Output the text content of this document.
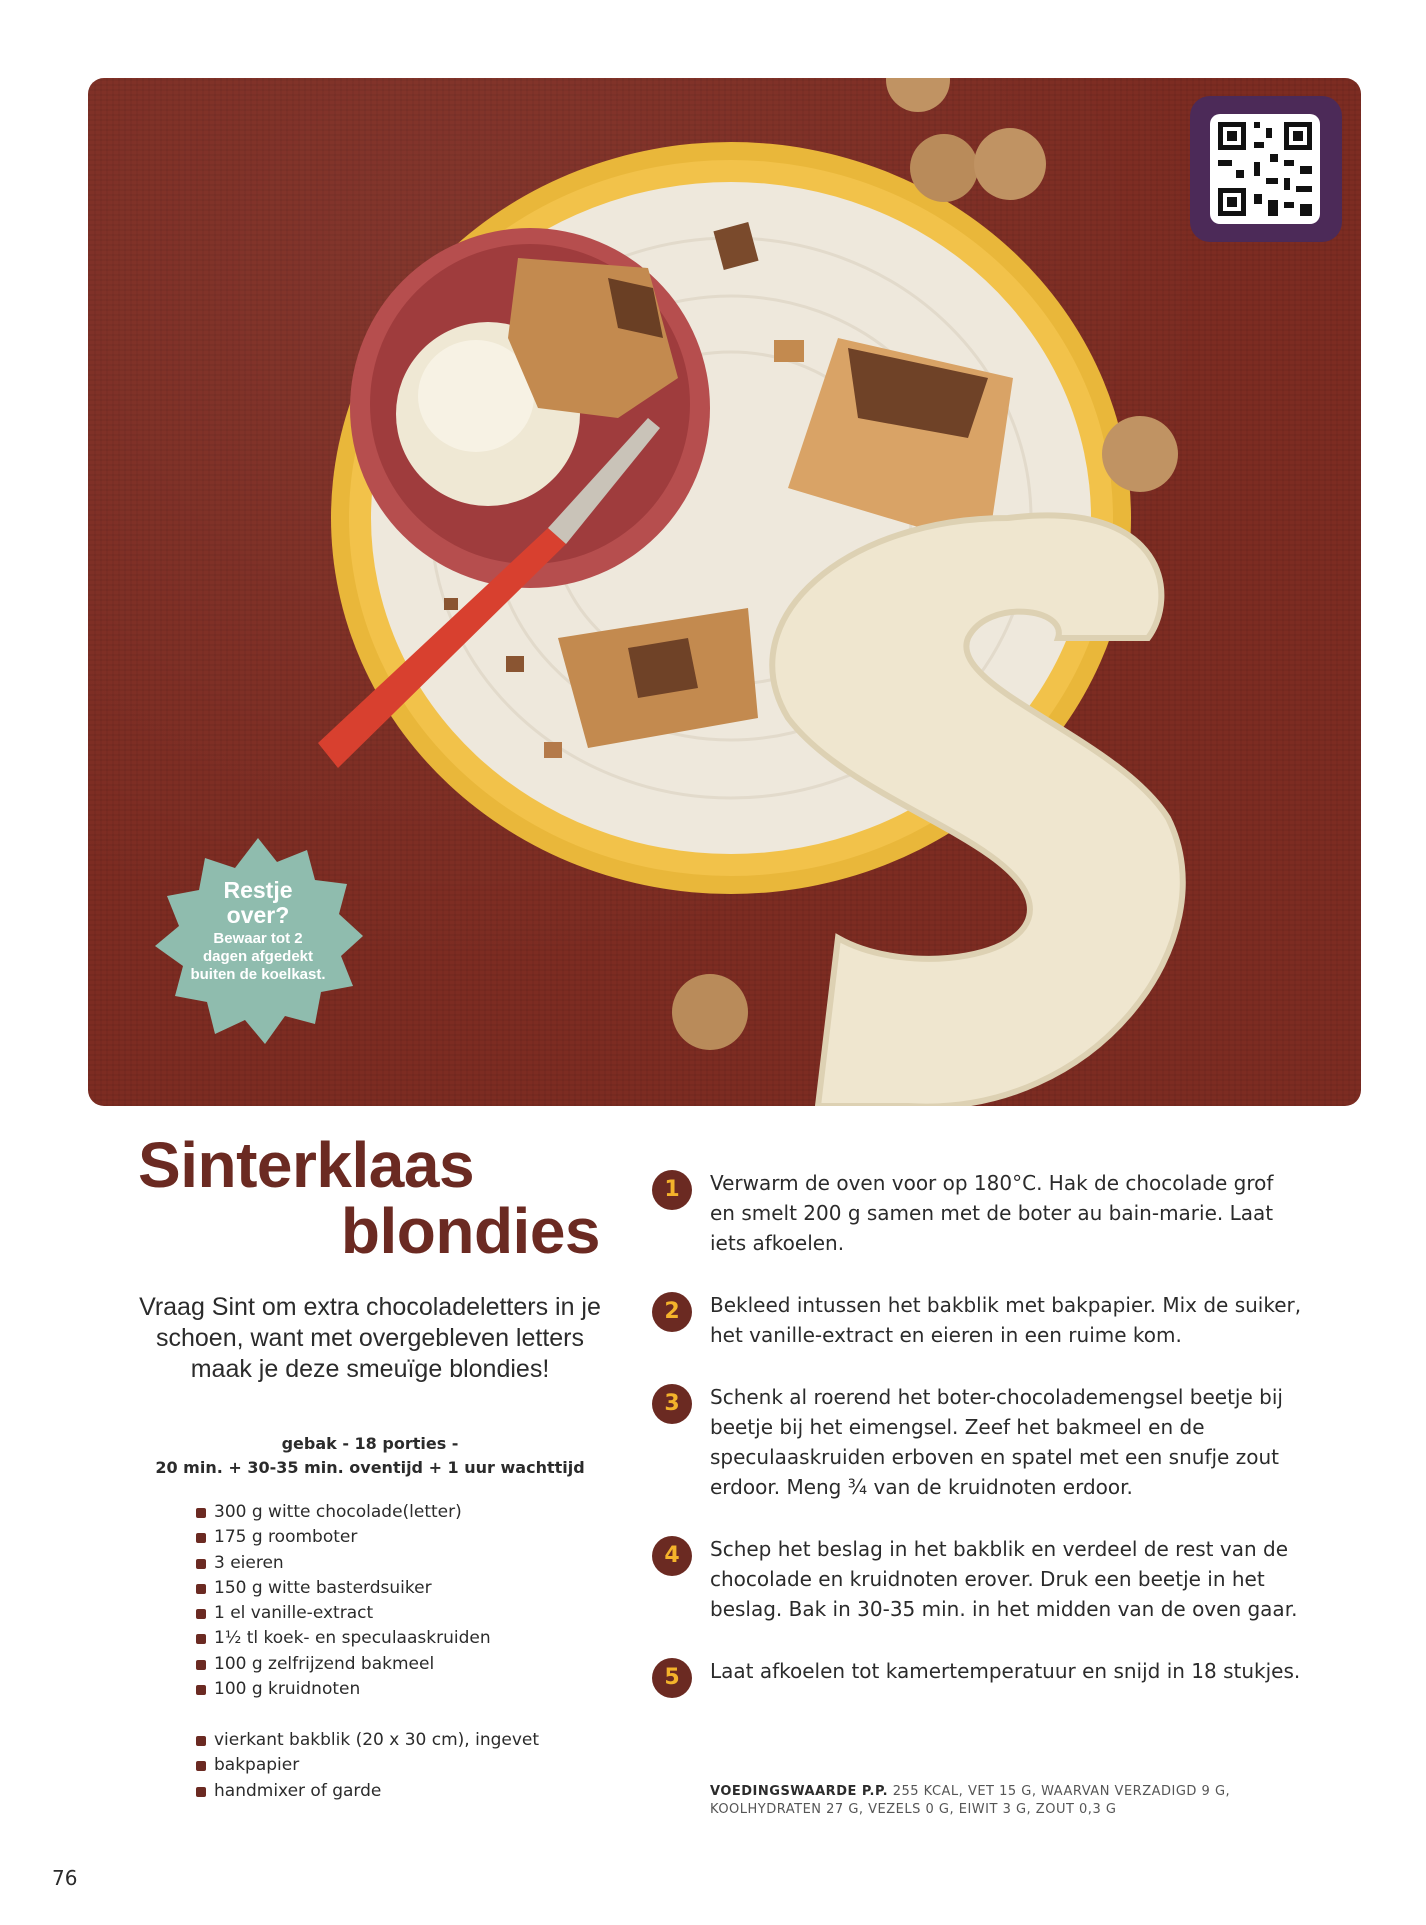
Restje over?
Bewaar tot 2 dagen afgedekt buiten de koelkast.
Sinterklaas
blondies
Vraag Sint om extra chocoladeletters in je schoen, want met overgebleven letters maak je deze smeuïge blondies!
gebak - 18 porties -
20 min. + 30-35 min. oventijd + 1 uur wachttijd
300 g witte chocolade(letter)
175 g roomboter
3 eieren
150 g witte basterdsuiker
1 el vanille-extract
1½ tl koek- en speculaaskruiden
100 g zelfrijzend bakmeel
100 g kruidnoten
vierkant bakblik (20 x 30 cm), ingevet
bakpapier
handmixer of garde
1	Verwarm de oven voor op 180°C. Hak de chocolade grof en smelt 200 g samen met de boter au bain-marie. Laat iets afkoelen.
2	Bekleed intussen het bakblik met bakpapier. Mix de suiker, het vanille-extract en eieren in een ruime kom.
3	Schenk al roerend het boter-chocolademengsel beetje bij beetje bij het eimengsel. Zeef het bakmeel en de speculaaskruiden erboven en spatel met een snufje zout erdoor. Meng ¾ van de kruidnoten erdoor.
4	Schep het beslag in het bakblik en verdeel de rest van de chocolade en kruidnoten erover. Druk een beetje in het beslag. Bak in 30-35 min. in het midden van de oven gaar.
5	Laat afkoelen tot kamertemperatuur en snijd in 18 stukjes.
VOEDINGSWAARDE P.P. 255 KCAL, VET 15 G, WAARVAN VERZADIGD 9 G, KOOLHYDRATEN 27 G, VEZELS 0 G, EIWIT 3 G, ZOUT 0,3 G
76
